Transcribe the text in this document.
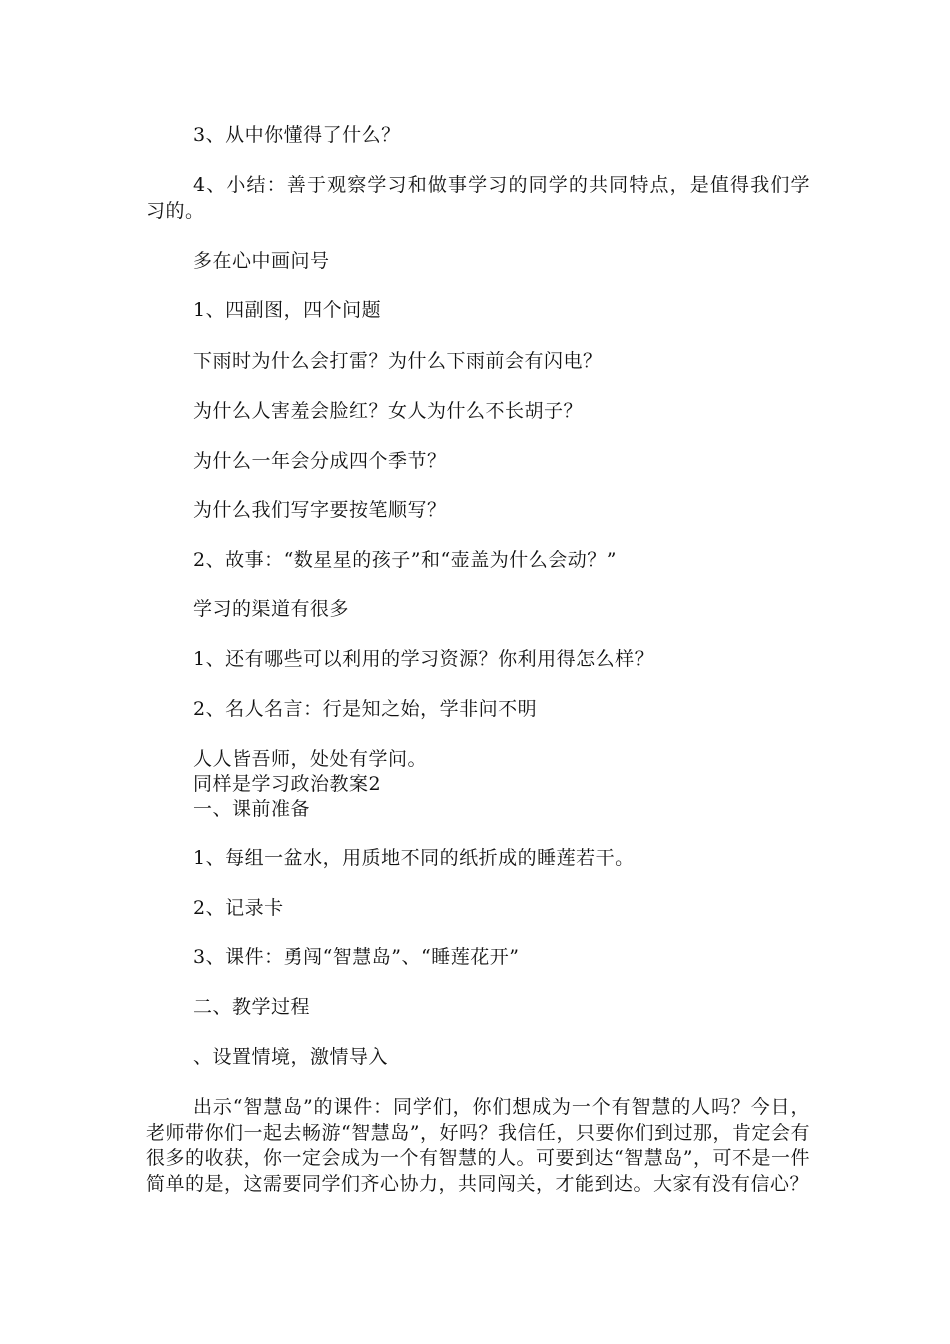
3、从中你懂得了什么？
4、小结：善于观察学习和做事学习的同学的共同特点，是值得我们学习的。
多在心中画问号
1、四副图，四个问题
下雨时为什么会打雷？为什么下雨前会有闪电？
为什么人害羞会脸红？女人为什么不长胡子？
为什么一年会分成四个季节？
为什么我们写字要按笔顺写？
2、故事：“数星星的孩子”和“壶盖为什么会动？”
学习的渠道有很多
1、还有哪些可以利用的学习资源？你利用得怎么样？
2、名人名言：行是知之始，学非问不明
人人皆吾师，处处有学问。
同样是学习政治教案2
一、课前准备
1、每组一盆水，用质地不同的纸折成的睡莲若干。
2、记录卡
3、课件：勇闯“智慧岛”、“睡莲花开”
二、教学过程
、设置情境，激情导入
出示“智慧岛”的课件：同学们，你们想成为一个有智慧的人吗？今日，老师带你们一起去畅游“智慧岛”，好吗？我信任，只要你们到过那，肯定会有很多的收获，你一定会成为一个有智慧的人。可要到达“智慧岛”，可不是一件简单的是，这需要同学们齐心协力，共同闯关，才能到达。大家有没有信心？
